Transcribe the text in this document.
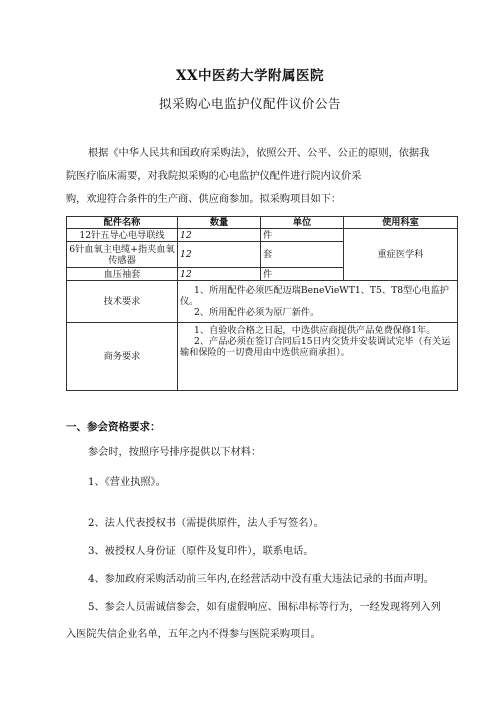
XX中医药大学附属医院
拟采购心电监护仪配件议价公告
根据《中华人民共和国政府采购法》，依照公开、公平、公正的原则，依据我
院医疗临床需要，对我院拟采购的心电监护仪配件进行院内议价采
购，欢迎符合条件的生产商、供应商参加。拟采购项目如下：
配件名称	数量	单位	使用科室
12针五导心电导联线	12	件	重症医学科
6针血氧主电缆+指夹血氧传感器	12	套	
血压袖套	12	件	
技术要求	1、所用配件必须匹配迈瑞BeneVieWT1、T5、T8型心电监护仪。

2、所用配件必须为原厂新件。		

商务要求	1、自验收合格之日起，中选供应商提供产品免费保修1年。

2、产品必须在签订合同后15日内交货并安装调试完毕（有关运输和保险的一切费用由中选供应商承担）。		

一、参会资格要求：
参会时，按照序号排序提供以下材料：
1、《营业执照》。
2、法人代表授权书（需提供原件，法人手写签名）。
3、被授权人身份证（原件及复印件），联系电话。
4、参加政府采购活动前三年内,在经营活动中没有重大违法记录的书面声明。
5、参会人员需诚信参会，如有虚假响应、围标串标等行为，一经发现将列入列
入医院失信企业名单，五年之内不得参与医院采购项目。
